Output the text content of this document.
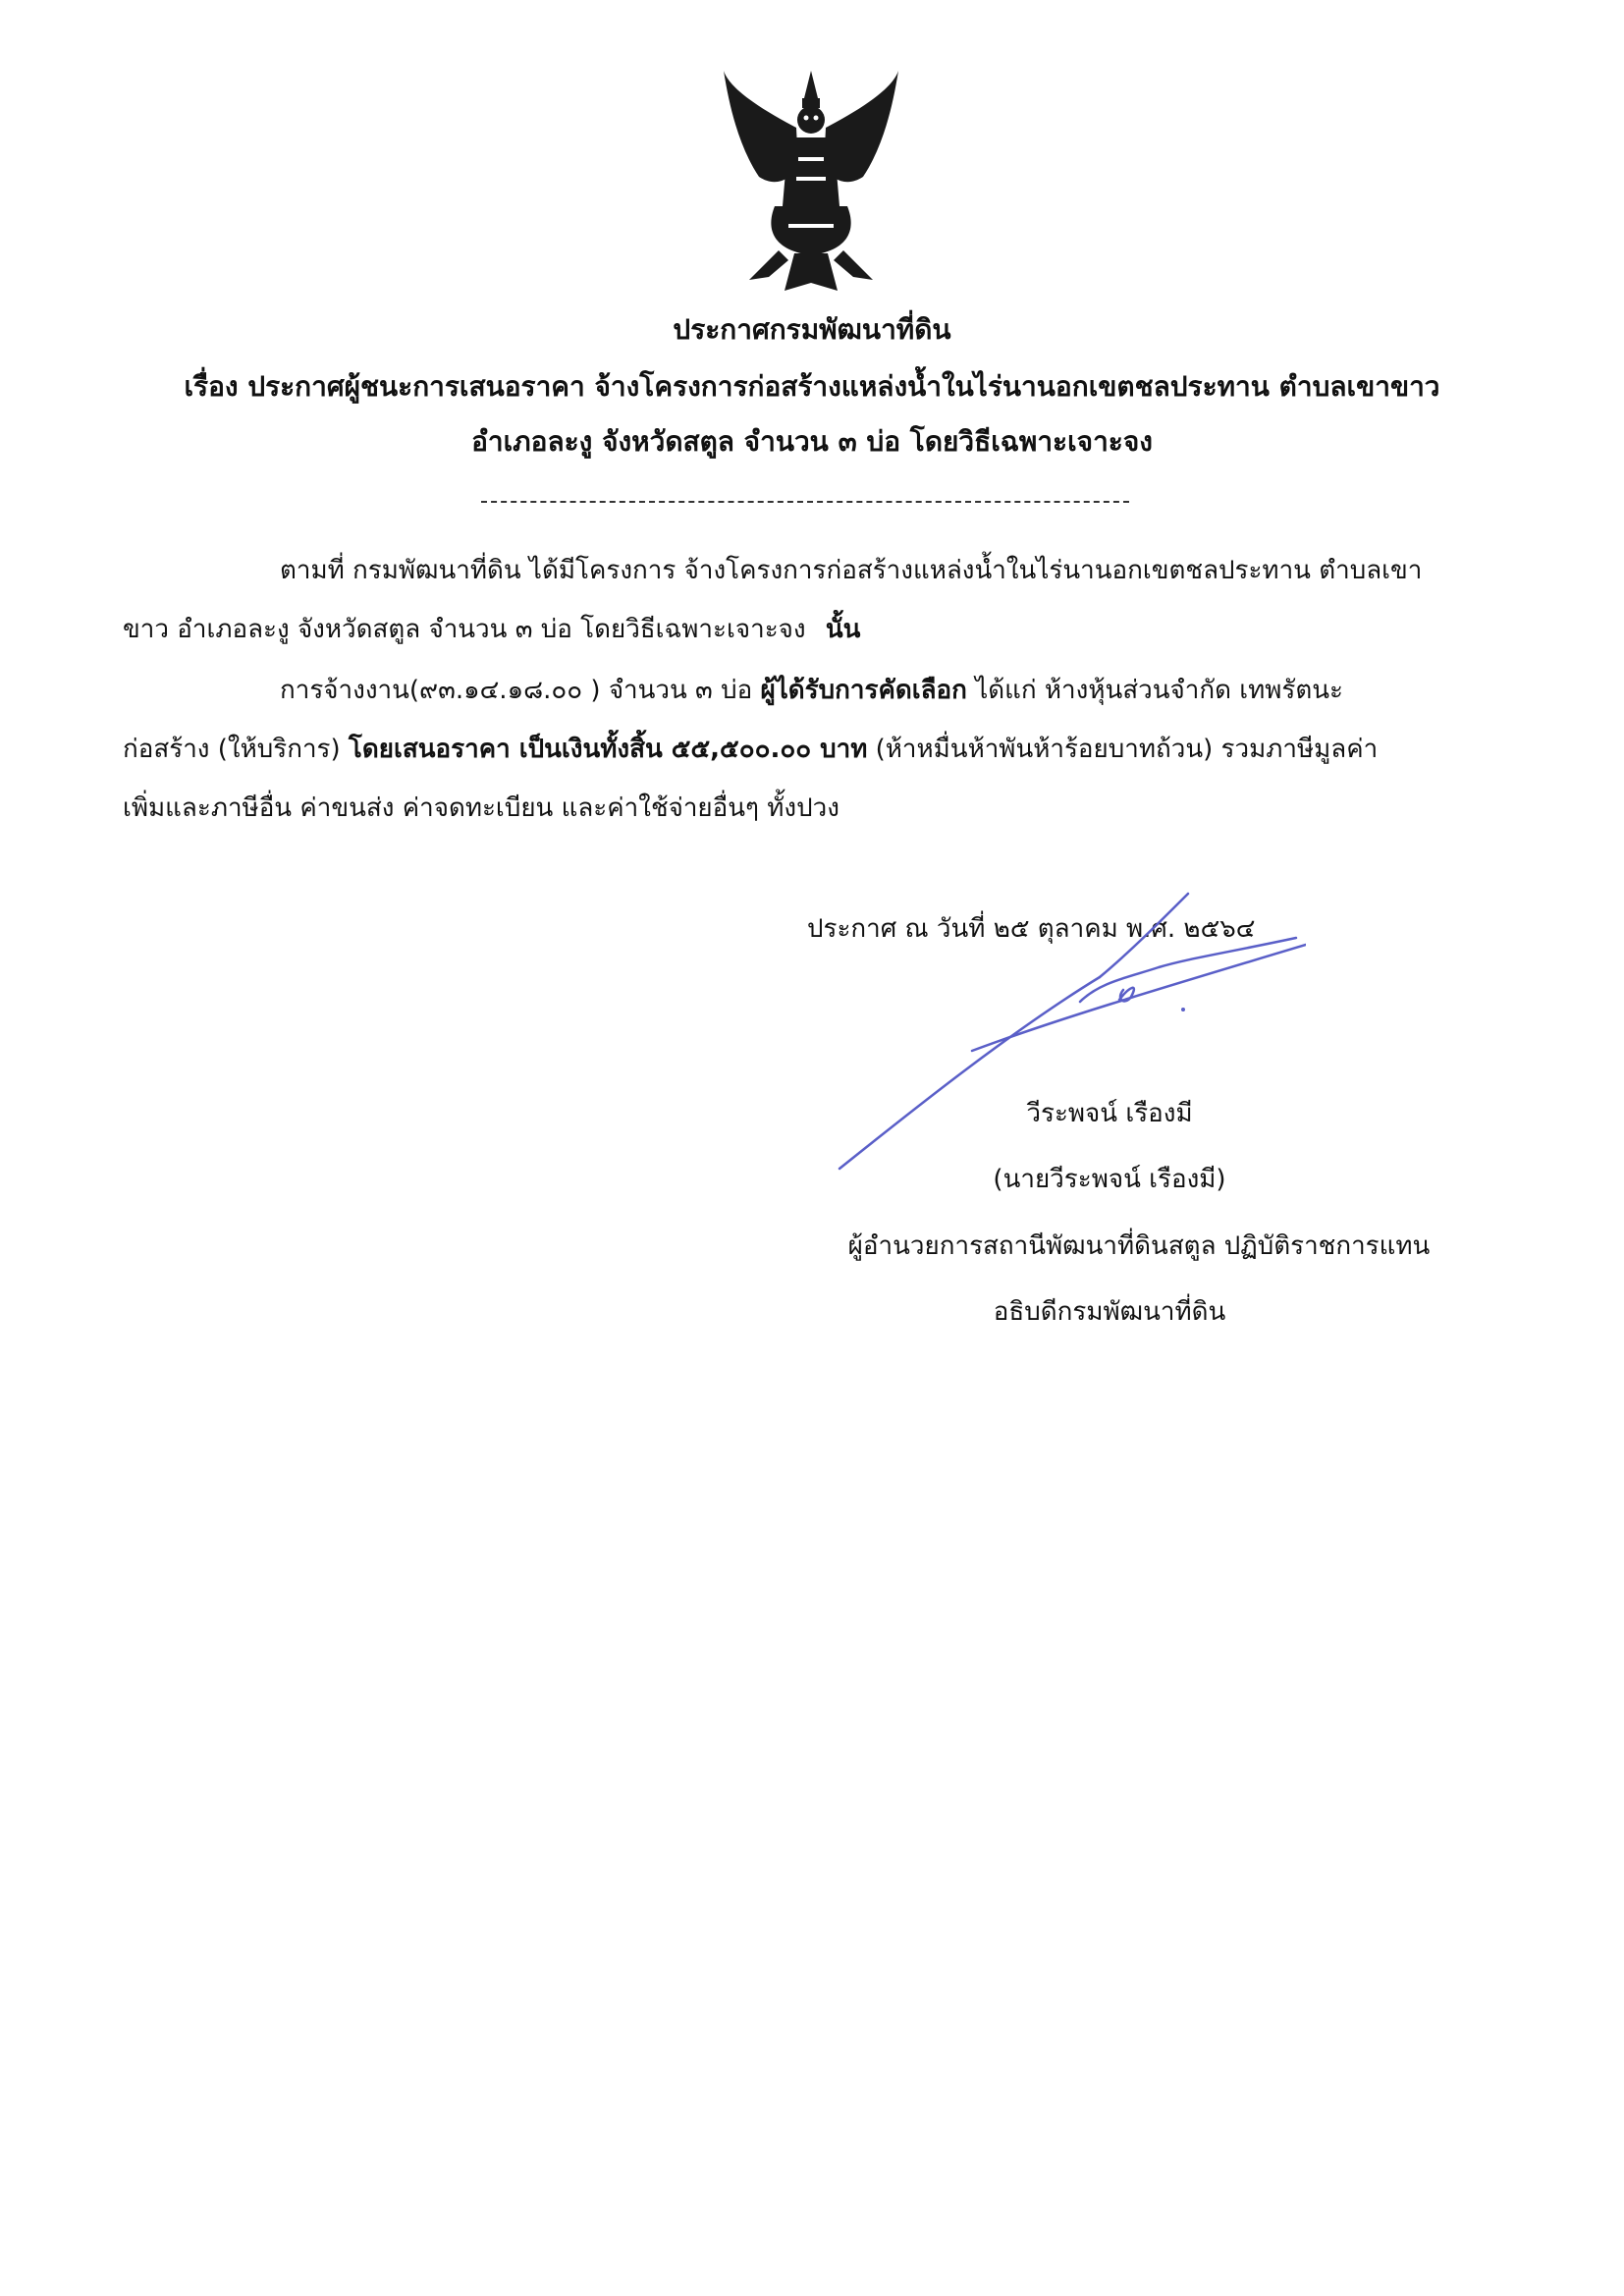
ประกาศกรมพัฒนาที่ดิน
เรื่อง ประกาศผู้ชนะการเสนอราคา จ้างโครงการก่อสร้างแหล่งน้ำในไร่นานอกเขตชลประทาน ตำบลเขาขาว
อำเภอละงู จังหวัดสตูล จำนวน ๓ บ่อ โดยวิธีเฉพาะเจาะจง
ตามที่ กรมพัฒนาที่ดิน ได้มีโครงการ จ้างโครงการก่อสร้างแหล่งน้ำในไร่นานอกเขตชลประทาน ตำบลเขา
ขาว อำเภอละงู จังหวัดสตูล จำนวน ๓ บ่อ โดยวิธีเฉพาะเจาะจง นั้น
การจ้างงาน(๙๓.๑๔.๑๘.๐๐ ) จำนวน ๓ บ่อ ผู้ได้รับการคัดเลือก ได้แก่ ห้างหุ้นส่วนจำกัด เทพรัตนะ
ก่อสร้าง (ให้บริการ) โดยเสนอราคา เป็นเงินทั้งสิ้น ๕๕,๕๐๐.๐๐ บาท (ห้าหมื่นห้าพันห้าร้อยบาทถ้วน) รวมภาษีมูลค่า
เพิ่มและภาษีอื่น ค่าขนส่ง ค่าจดทะเบียน และค่าใช้จ่ายอื่นๆ ทั้งปวง
ประกาศ ณ วันที่ ๒๕ ตุลาคม พ.ศ. ๒๕๖๔
วีระพจน์ เรืองมี
(นายวีระพจน์ เรืองมี)
ผู้อำนวยการสถานีพัฒนาที่ดินสตูล ปฏิบัติราชการแทน
อธิบดีกรมพัฒนาที่ดิน
